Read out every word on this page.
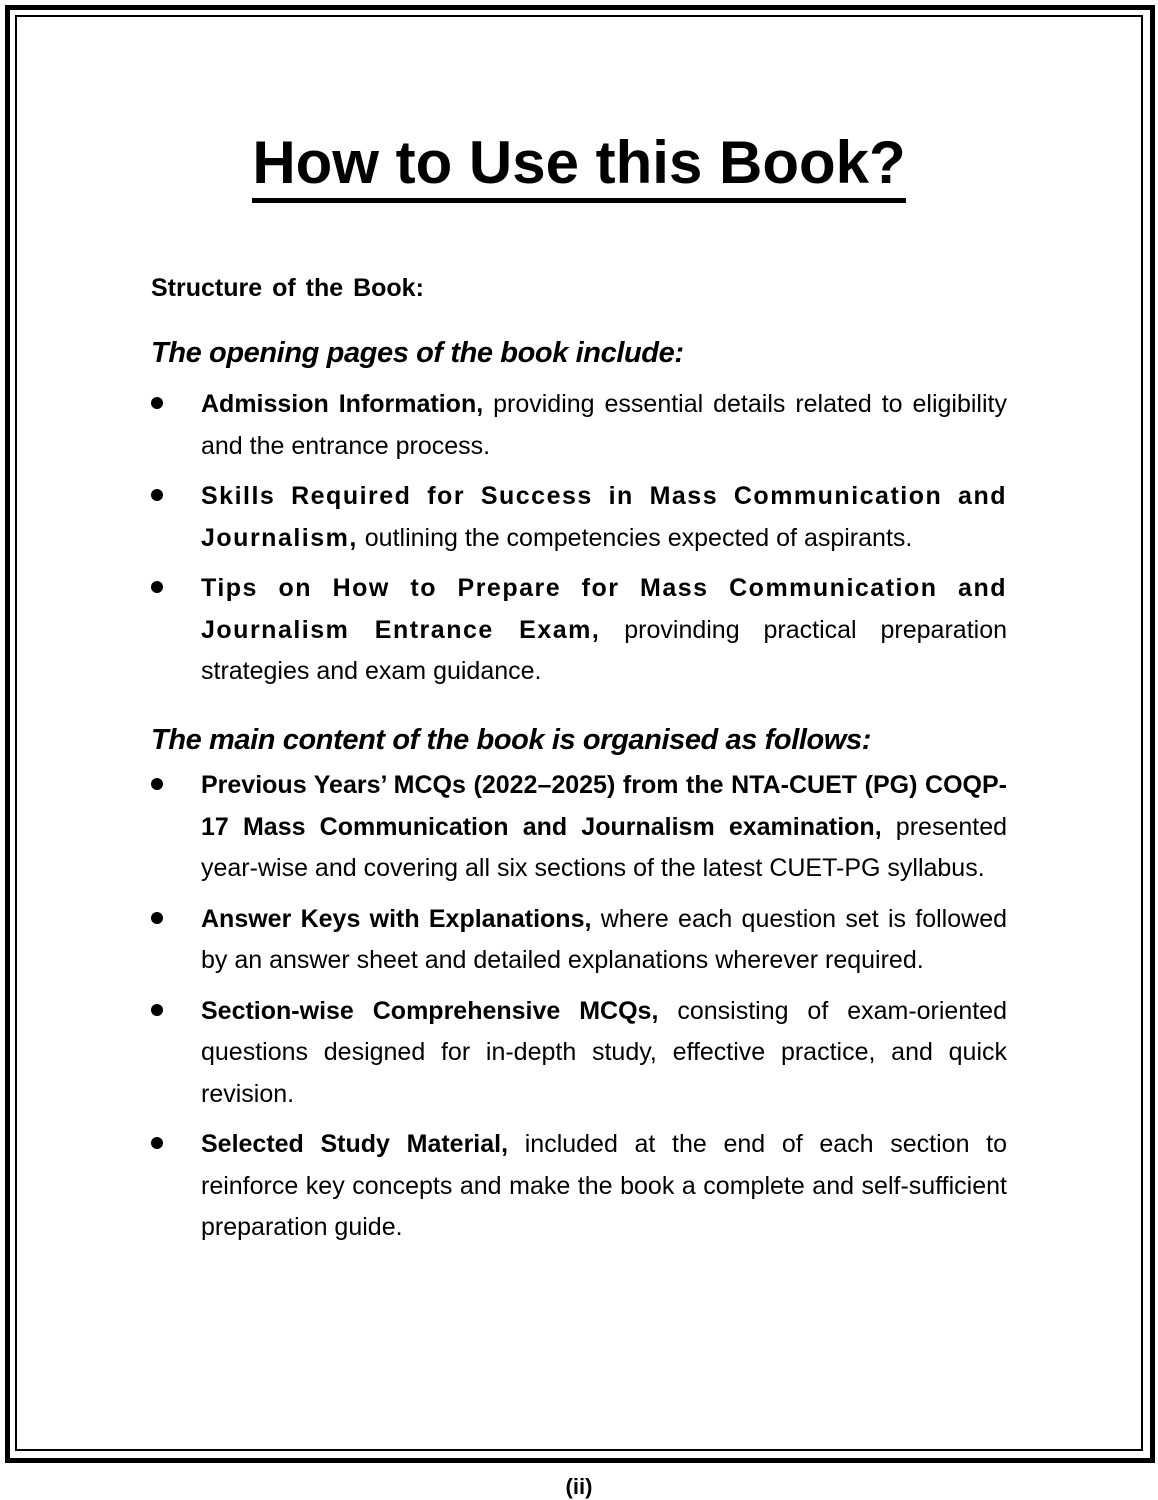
How to Use this Book?
Structure of the Book:
The opening pages of the book include:
Admission Information, providing essential details related to eligibility and the entrance process.
Skills Required for Success in Mass Communication and Journalism, outlining the competencies expected of aspirants.
Tips on How to Prepare for Mass Communication and Journalism Entrance Exam, provinding practical preparation strategies and exam guidance.
The main content of the book is organised as follows:
Previous Years’ MCQs (2022–2025) from the NTA-CUET (PG) COQP-17 Mass Communication and Journalism examination, presented year-wise and covering all six sections of the latest CUET-PG syllabus.
Answer Keys with Explanations, where each question set is followed by an answer sheet and detailed explanations wherever required.
Section-wise Comprehensive MCQs, consisting of exam-oriented questions designed for in-depth study, effective practice, and quick revision.
Selected Study Material, included at the end of each section to reinforce key concepts and make the book a complete and self-sufficient preparation guide.
(ii)
